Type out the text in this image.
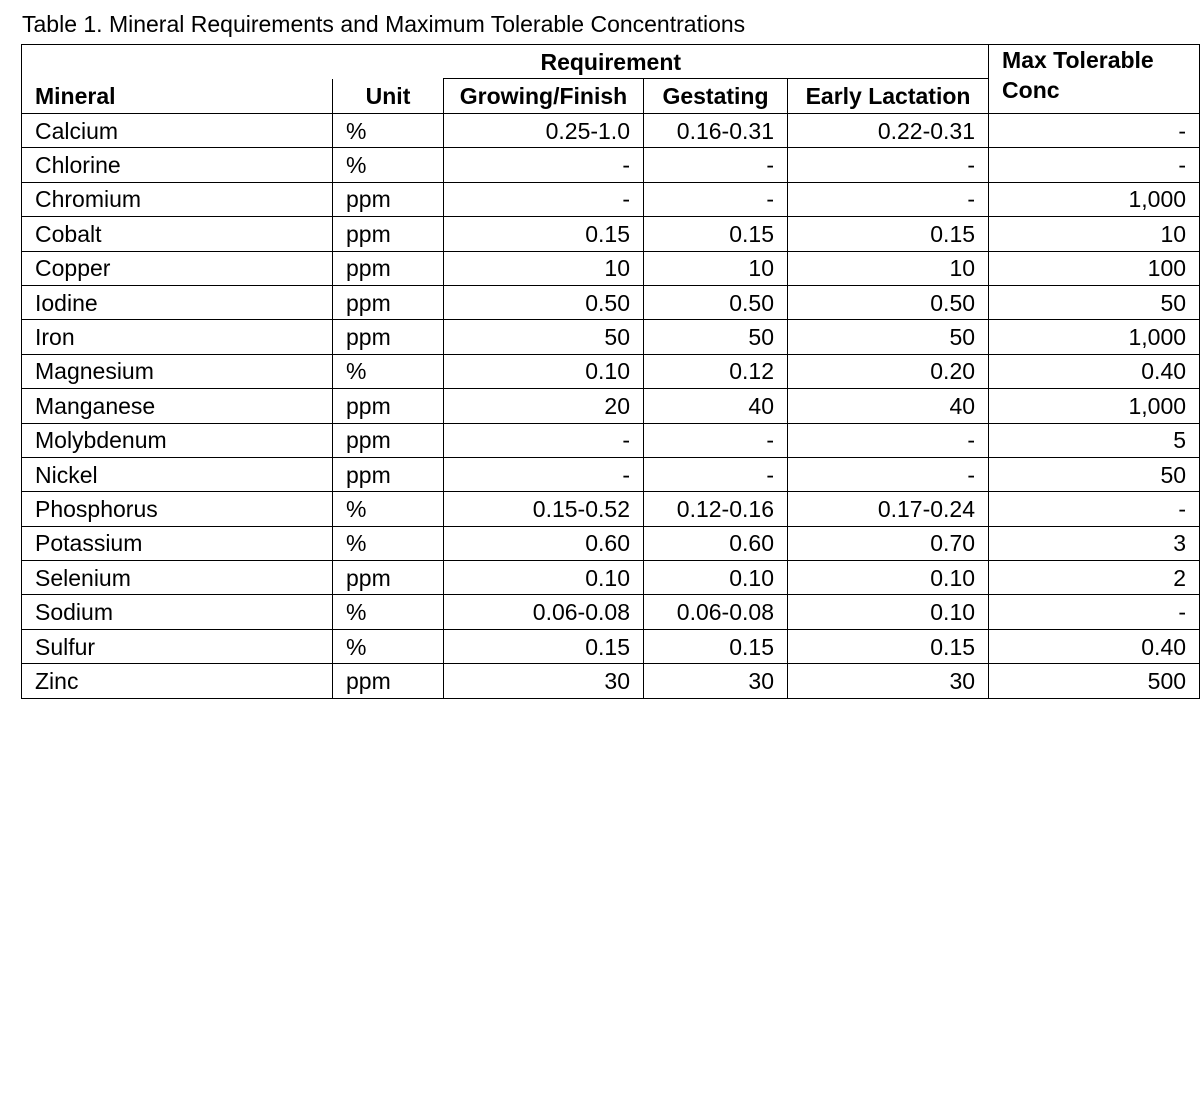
Table 1. Mineral Requirements and Maximum Tolerable Concentrations
		Requirement			Max Tolerable
Conc
Mineral	Unit	Growing/Finish	Gestating	Early Lactation	
Calcium	%	0.25-1.0	0.16-0.31	0.22-0.31	-
Chlorine	%	-	-	-	-
Chromium	ppm	-	-	-	1,000
Cobalt	ppm	0.15	0.15	0.15	10
Copper	ppm	10	10	10	100
Iodine	ppm	0.50	0.50	0.50	50
Iron	ppm	50	50	50	1,000
Magnesium	%	0.10	0.12	0.20	0.40
Manganese	ppm	20	40	40	1,000
Molybdenum	ppm	-	-	-	5
Nickel	ppm	-	-	-	50
Phosphorus	%	0.15-0.52	0.12-0.16	0.17-0.24	-
Potassium	%	0.60	0.60	0.70	3
Selenium	ppm	0.10	0.10	0.10	2
Sodium	%	0.06-0.08	0.06-0.08	0.10	-
Sulfur	%	0.15	0.15	0.15	0.40
Zinc	ppm	30	30	30	500
